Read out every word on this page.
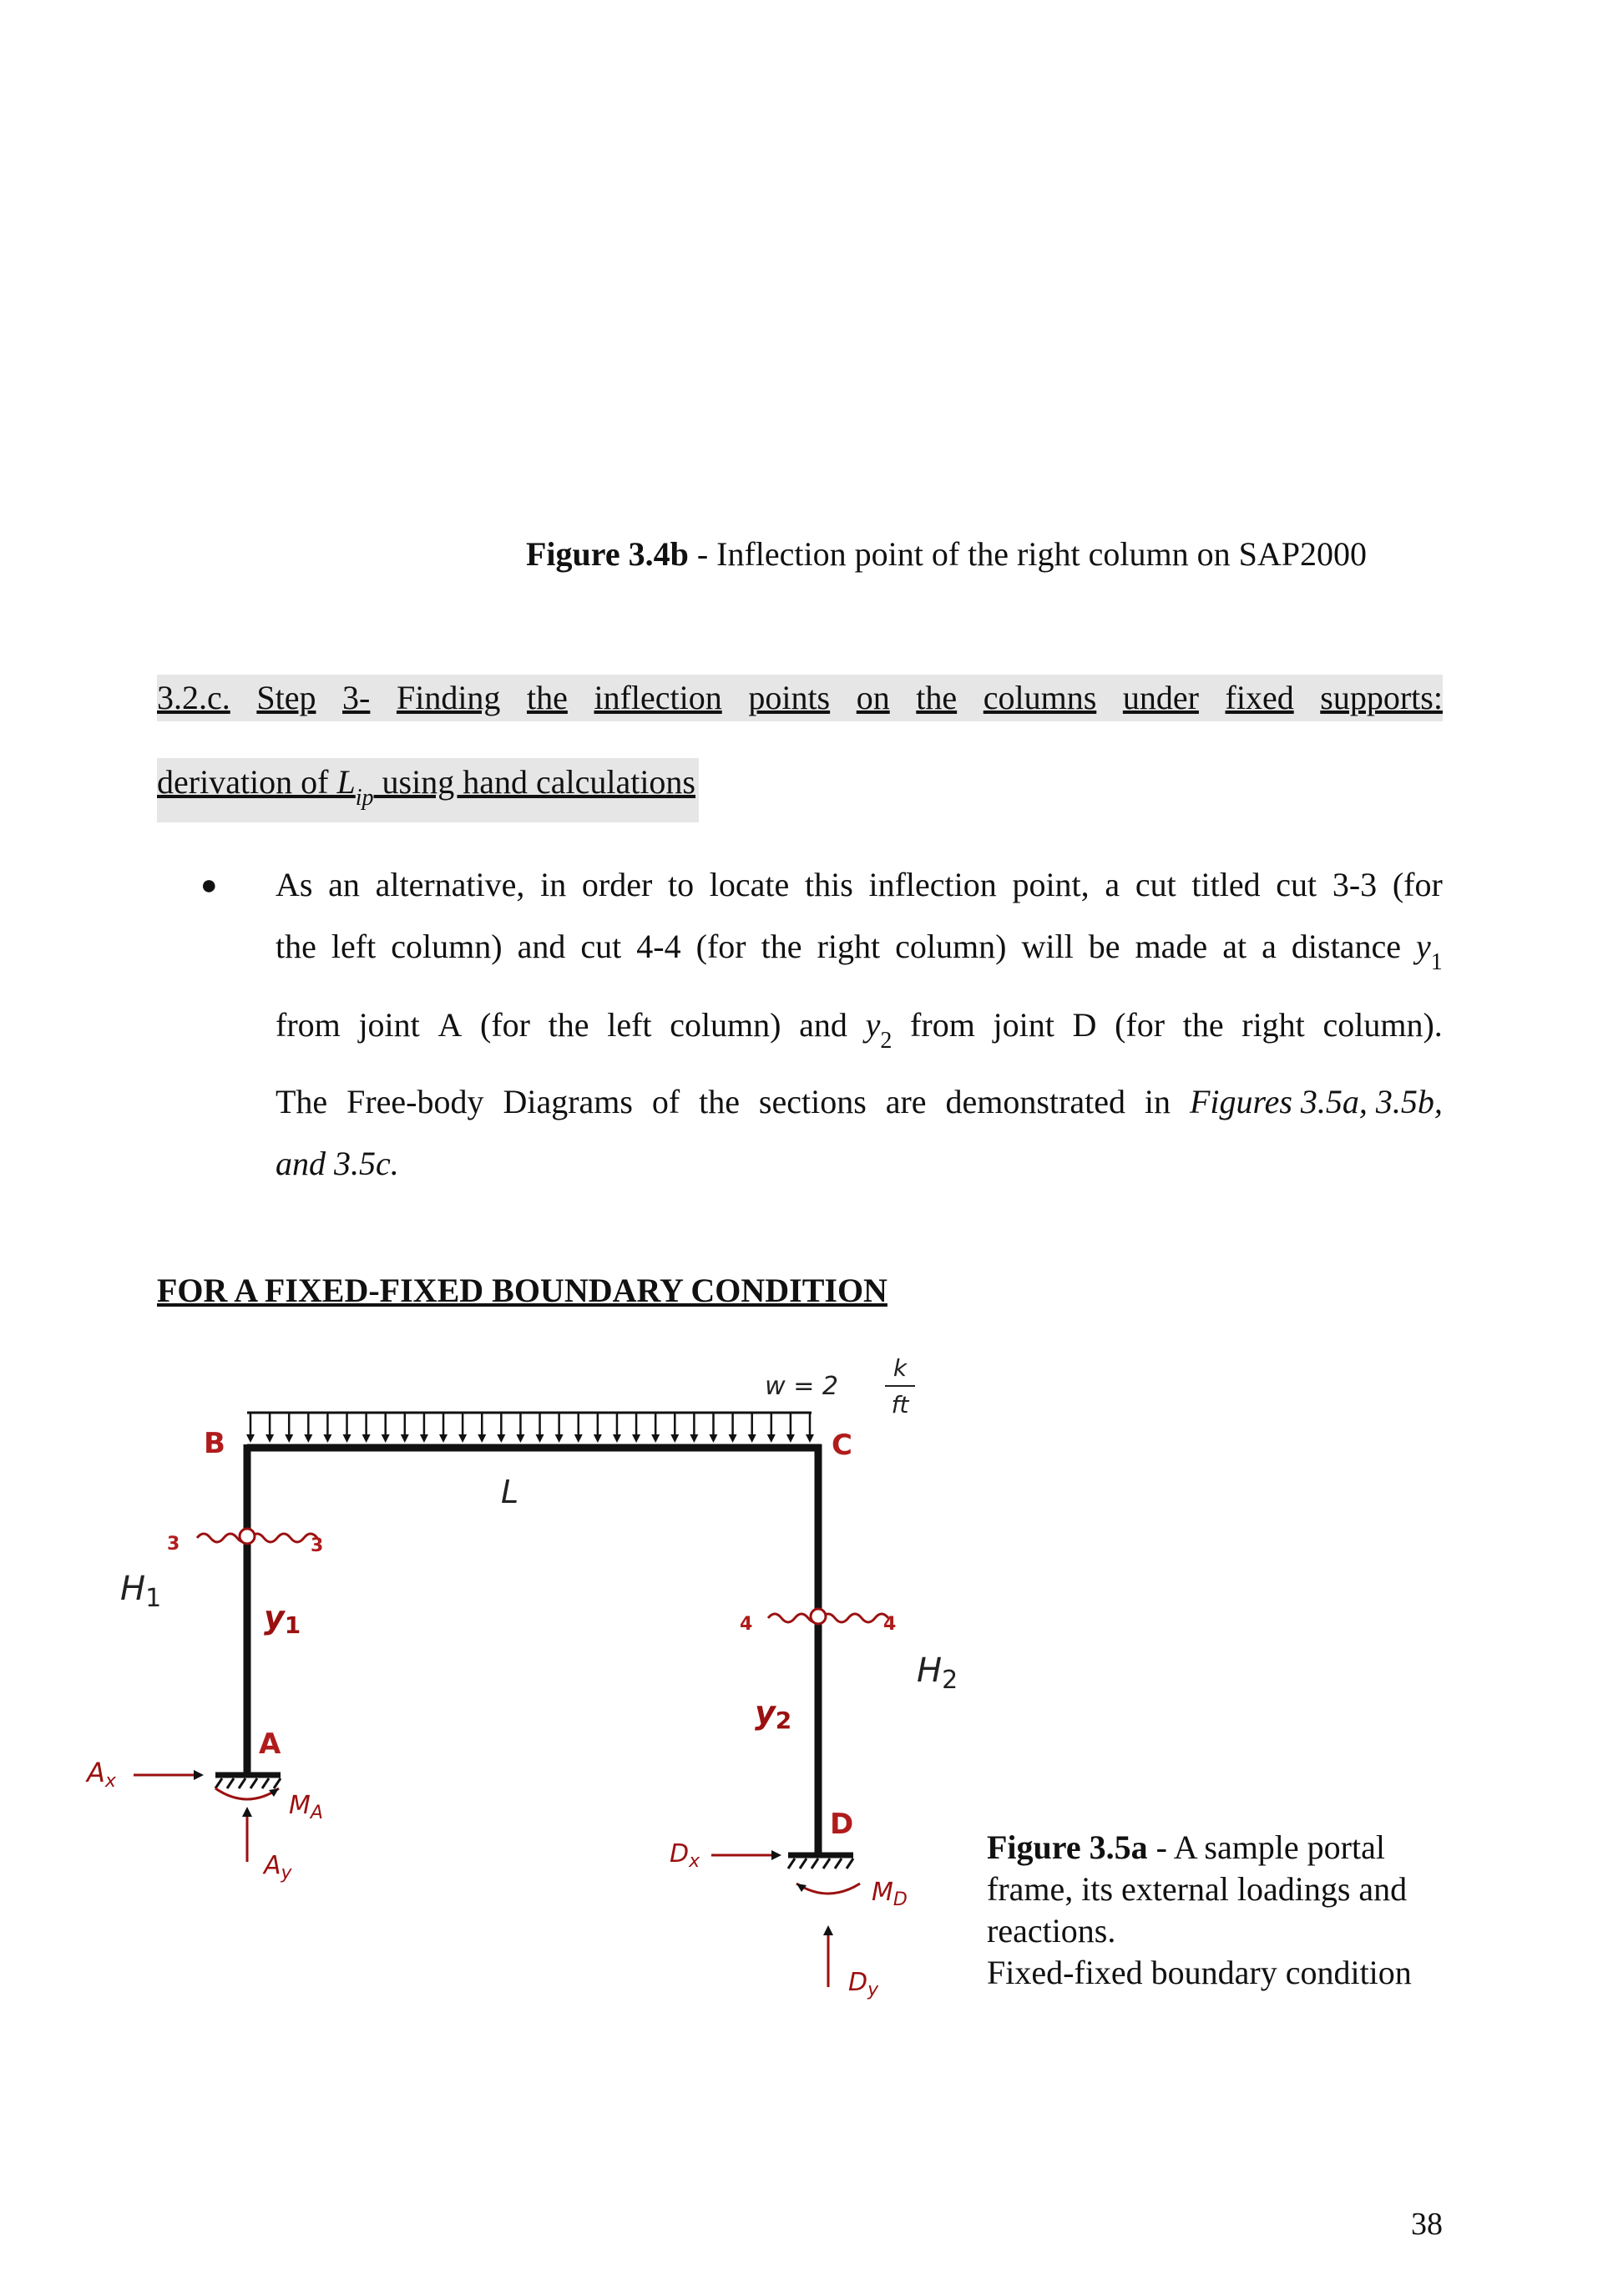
Figure 3.4b - Inflection point of the right column on SAP2000
3.2.c. Step 3- Finding the inflection points on the columns under fixed supports:
derivation of $L_{ip}$ using hand calculations
● As an alternative, in order to locate this inflection point, a cut titled cut 3-3 (for
the left column) and cut 4-4 (for the right column) will be made at a distance $y_1$
from joint A (for the left column) and $y_2$ from joint D (for the right column).
The Free-body Diagrams of the sections are demonstrated in Figures 3.5a, 3.5b,
and 3.5c.
FOR A FIXED-FIXED BOUNDARY CONDITION
w = 2
k
ft
B	C
L
3	3
4	4
$H_1$
$H_2$
y1
y2
A
D
Ax
$M_A$
$A_y$
$D_x$
$M_D$
$D_y$
Figure 3.5a - A sample portal frame, its external loadings and reactions.
Fixed-fixed boundary condition
38
